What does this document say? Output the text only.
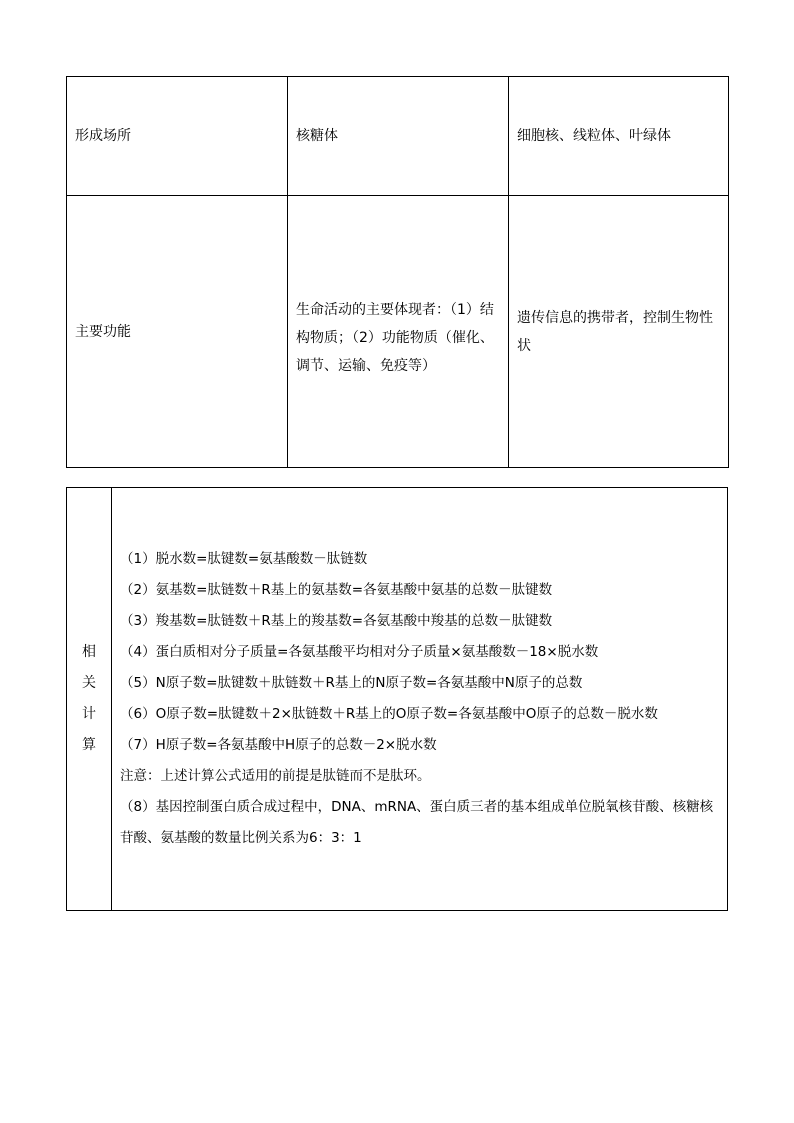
形成场所	核糖体	细胞核、线粒体、叶绿体
主要功能	生命活动的主要体现者：（1）结构物质；（2）功能物质（催化、调节、运输、免疫等）	遗传信息的携带者，控制生物性状
相
关
计
算

（1）脱水数=肽键数=氨基酸数－肽链数
（2）氨基数=肽链数＋R基上的氨基数=各氨基酸中氨基的总数－肽键数
（3）羧基数=肽链数＋R基上的羧基数=各氨基酸中羧基的总数－肽键数
（4）蛋白质相对分子质量=各氨基酸平均相对分子质量×氨基酸数－18×脱水数
（5）N原子数=肽键数＋肽链数＋R基上的N原子数=各氨基酸中N原子的总数
（6）O原子数=肽键数＋2×肽链数＋R基上的O原子数=各氨基酸中O原子的总数－脱水数
（7）H原子数=各氨基酸中H原子的总数－2×脱水数
注意：上述计算公式适用的前提是肽链而不是肽环。
（8）基因控制蛋白质合成过程中，DNA、mRNA、蛋白质三者的基本组成单位脱氧核苷酸、核糖核苷酸、氨基酸的数量比例关系为6：3：1
